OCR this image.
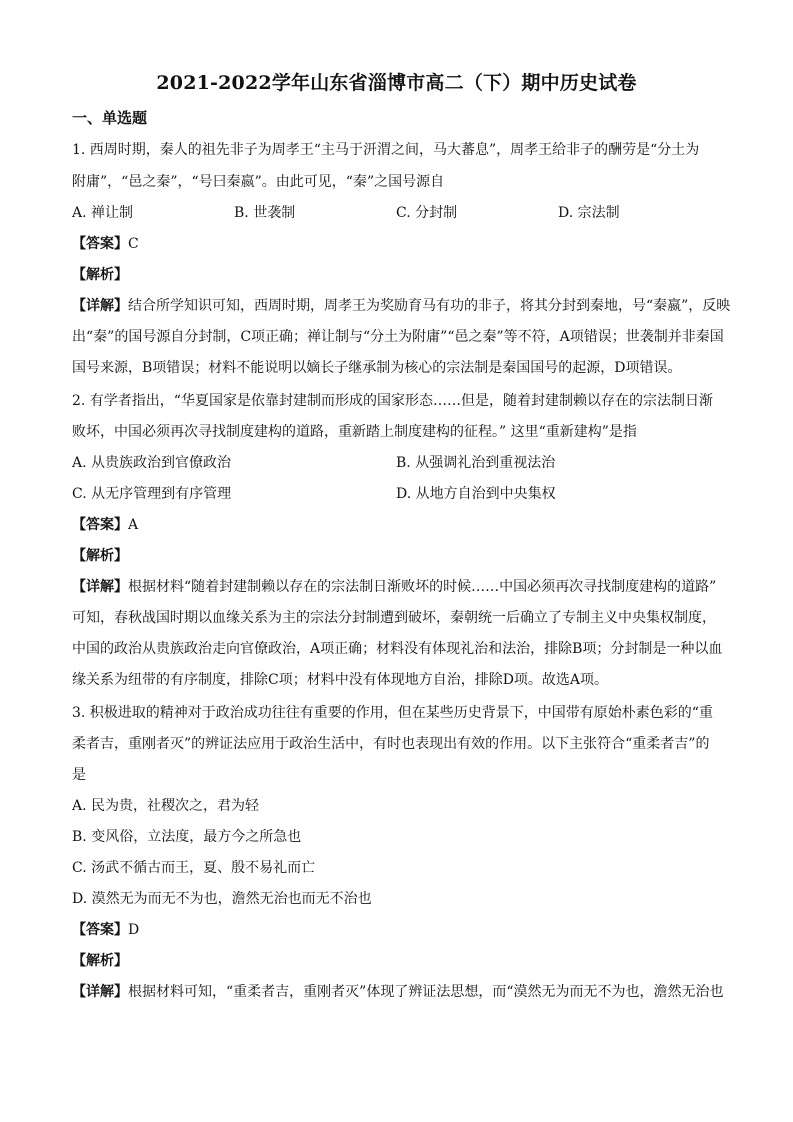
2021-2022学年山东省淄博市高二（下）期中历史试卷
一、单选题
1. 西周时期，秦人的祖先非子为周孝王“主马于汧渭之间，马大蕃息”，周孝王给非子的酬劳是“分土为
附庸”，“邑之秦”，“号曰秦嬴”。由此可见，“秦”之国号源自
A. 禅让制	B. 世袭制	C. 分封制	D. 宗法制
【答案】C
【解析】
【详解】结合所学知识可知，西周时期，周孝王为奖励育马有功的非子，将其分封到秦地，号“秦嬴”，反映
出“秦”的国号源自分封制，C项正确；禅让制与“分土为附庸”“邑之秦”等不符，A项错误；世袭制并非秦国
国号来源，B项错误；材料不能说明以嫡长子继承制为核心的宗法制是秦国国号的起源，D项错误。
2. 有学者指出，“华夏国家是依靠封建制而形成的国家形态……但是，随着封建制赖以存在的宗法制日渐
败坏，中国必须再次寻找制度建构的道路，重新踏上制度建构的征程。” 这里“重新建构”是指
A. 从贵族政治到官僚政治	B. 从强调礼治到重视法治
C. 从无序管理到有序管理	D. 从地方自治到中央集权
【答案】A
【解析】
【详解】根据材料“随着封建制赖以存在的宗法制日渐败坏的时候……中国必须再次寻找制度建构的道路”
可知，春秋战国时期以血缘关系为主的宗法分封制遭到破坏，秦朝统一后确立了专制主义中央集权制度，
中国的政治从贵族政治走向官僚政治，A项正确；材料没有体现礼治和法治，排除B项；分封制是一种以血
缘关系为纽带的有序制度，排除C项；材料中没有体现地方自治，排除D项。故选A项。
3. 积极进取的精神对于政治成功往往有重要的作用，但在某些历史背景下，中国带有原始朴素色彩的“重
柔者吉，重刚者灭”的辨证法应用于政治生活中，有时也表现出有效的作用。以下主张符合“重柔者吉”的
是
A. 民为贵，社稷次之，君为轻
B. 变风俗，立法度，最方今之所急也
C. 汤武不循古而王，夏、殷不易礼而亡
D. 漠然无为而无不为也，澹然无治也而无不治也
【答案】D
【解析】
【详解】根据材料可知，“重柔者吉，重刚者灭”体现了辨证法思想，而“漠然无为而无不为也，澹然无治也
